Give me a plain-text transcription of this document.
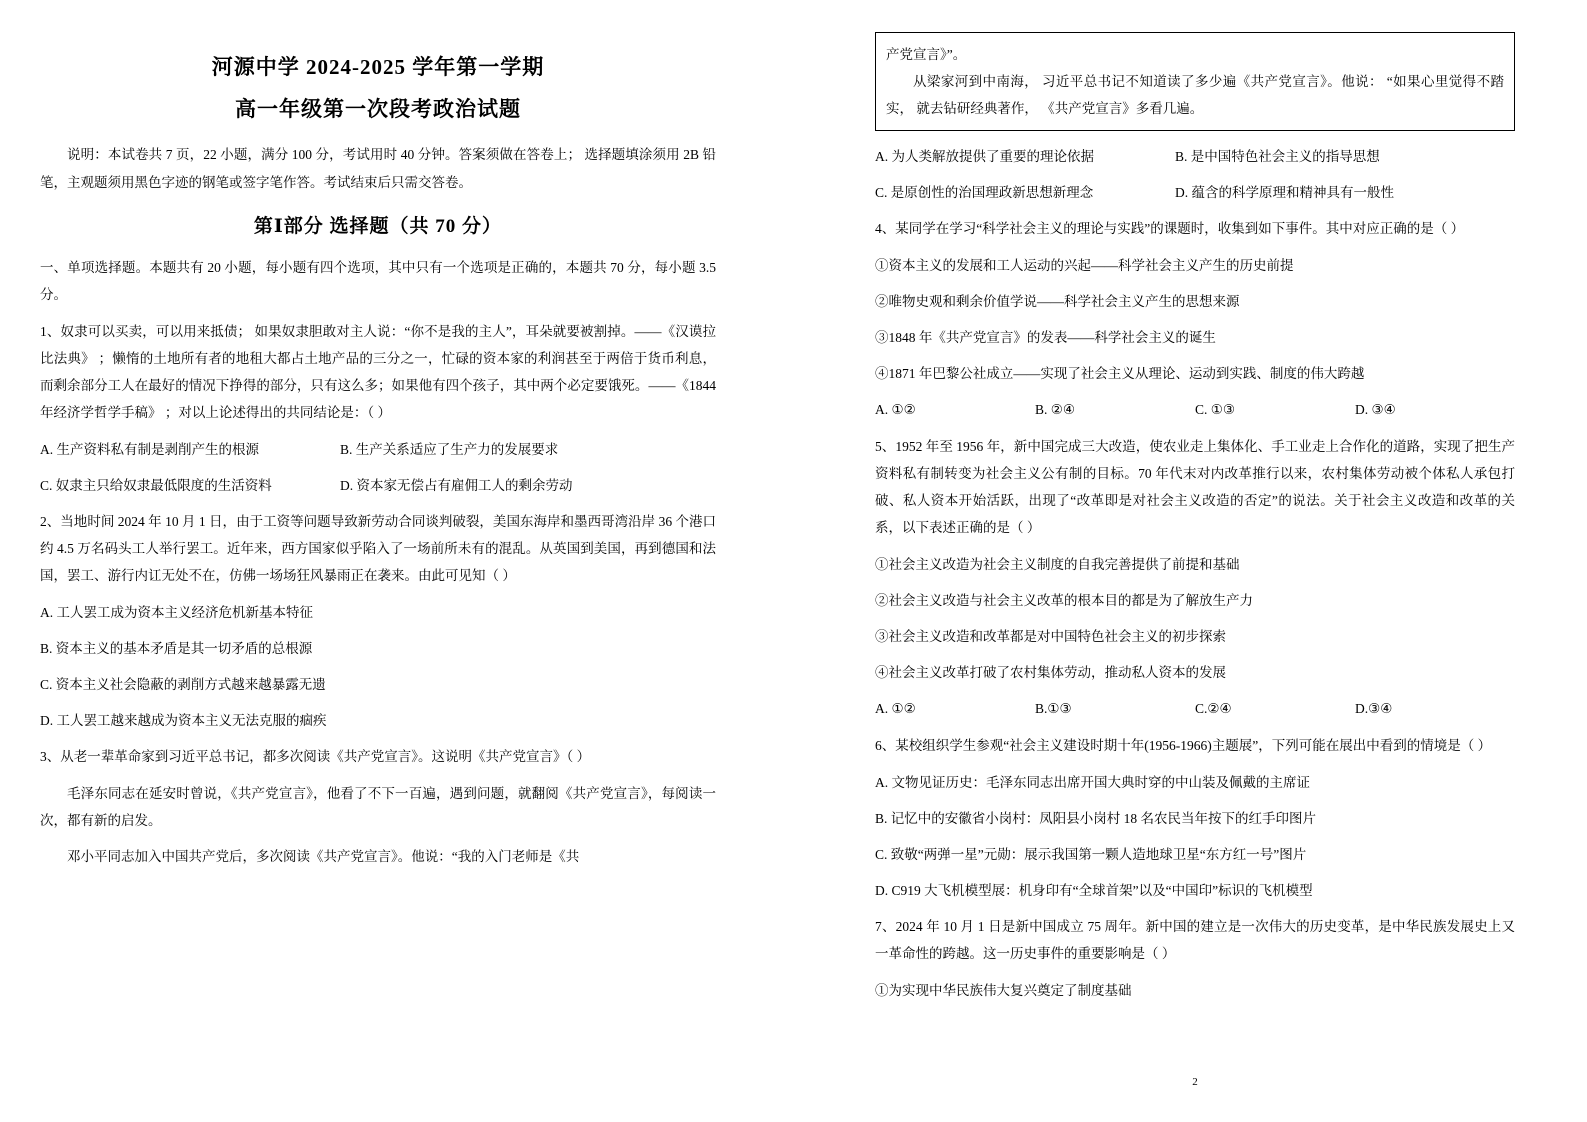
河源中学 2024-2025 学年第一学期
高一年级第一次段考政治试题

说明：本试卷共 7 页，22 小题，满分 100 分，考试用时 40 分钟。答案须做在答卷上； 选择题填涂须用 2B 铅笔，主观题须用黑色字迹的钢笔或签字笔作答。考试结束后只需交答卷。

第Ⅰ部分 选择题（共 70 分）

一、单项选择题。本题共有 20 小题，每小题有四个选项，其中只有一个选项是正确的，本题共 70 分，每小题 3.5 分。

1、奴隶可以买卖，可以用来抵债； 如果奴隶胆敢对主人说：“你不是我的主人”，耳朵就要被割掉。——《汉谟拉比法典》 ；懒惰的土地所有者的地租大都占土地产品的三分之一，忙碌的资本家的利润甚至于两倍于货币利息，而剩余部分工人在最好的情况下挣得的部分，只有这么多；如果他有四个孩子，其中两个必定要饿死。——《1844 年经济学哲学手稿》 ；对以上论述得出的共同结论是：（ ）

A. 生产资料私有制是剥削产生的根源	B. 生产关系适应了生产力的发展要求
C. 奴隶主只给奴隶最低限度的生活资料	D. 资本家无偿占有雇佣工人的剩余劳动

2、当地时间 2024 年 10 月 1 日，由于工资等问题导致新劳动合同谈判破裂，美国东海岸和墨西哥湾沿岸 36 个港口约 4.5 万名码头工人举行罢工。近年来，西方国家似乎陷入了一场前所未有的混乱。从英国到美国，再到德国和法国，罢工、游行内讧无处不在，仿佛一场场狂风暴雨正在袭来。由此可见知（ ）

A. 工人罢工成为资本主义经济危机新基本特征

B. 资本主义的基本矛盾是其一切矛盾的总根源

C. 资本主义社会隐蔽的剥削方式越来越暴露无遗

D. 工人罢工越来越成为资本主义无法克服的痼疾

3、从老一辈革命家到习近平总书记，都多次阅读《共产党宣言》。这说明《共产党宣言》（ ）

毛泽东同志在延安时曾说，《共产党宣言》，他看了不下一百遍，遇到问题，就翻阅《共产党宣言》，每阅读一次，都有新的启发。

邓小平同志加入中国共产党后，多次阅读《共产党宣言》。他说：“我的入门老师是《共

产党宣言》”。

从梁家河到中南海， 习近平总书记不知道读了多少遍《共产党宣言》。他说： “如果心里觉得不踏实， 就去钻研经典著作， 《共产党宣言》多看几遍。

A. 为人类解放提供了重要的理论依据	B. 是中国特色社会主义的指导思想
C. 是原创性的治国理政新思想新理念	D. 蕴含的科学原理和精神具有一般性

4、某同学在学习“科学社会主义的理论与实践”的课题时，收集到如下事件。其中对应正确的是（ ）

①资本主义的发展和工人运动的兴起——科学社会主义产生的历史前提

②唯物史观和剩余价值学说——科学社会主义产生的思想来源

③1848 年《共产党宣言》的发表——科学社会主义的诞生

④1871 年巴黎公社成立——实现了社会主义从理论、运动到实践、制度的伟大跨越

A. ①②	B. ②④	C. ①③	D. ③④

5、1952 年至 1956 年，新中国完成三大改造，使农业走上集体化、手工业走上合作化的道路，实现了把生产资料私有制转变为社会主义公有制的目标。70 年代末对内改革推行以来，农村集体劳动被个体私人承包打破、私人资本开始活跃，出现了“改革即是对社会主义改造的否定”的说法。关于社会主义改造和改革的关系，以下表述正确的是（ ）

①社会主义改造为社会主义制度的自我完善提供了前提和基础

②社会主义改造与社会主义改革的根本目的都是为了解放生产力

③社会主义改造和改革都是对中国特色社会主义的初步探索

④社会主义改革打破了农村集体劳动，推动私人资本的发展

A. ①②	B.①③	C.②④	D.③④

6、某校组织学生参观“社会主义建设时期十年(1956-1966)主题展”，下列可能在展出中看到的情境是（ ）

A. 文物见证历史：毛泽东同志出席开国大典时穿的中山装及佩戴的主席证

B. 记忆中的安徽省小岗村：凤阳县小岗村 18 名农民当年按下的红手印图片

C. 致敬“两弹一星”元勋：展示我国第一颗人造地球卫星“东方红一号”图片

D. C919 大飞机模型展：机身印有“全球首架”以及“中国印”标识的飞机模型

7、2024 年 10 月 1 日是新中国成立 75 周年。新中国的建立是一次伟大的历史变革，是中华民族发展史上又一革命性的跨越。这一历史事件的重要影响是（ ）

①为实现中华民族伟大复兴奠定了制度基础

2
